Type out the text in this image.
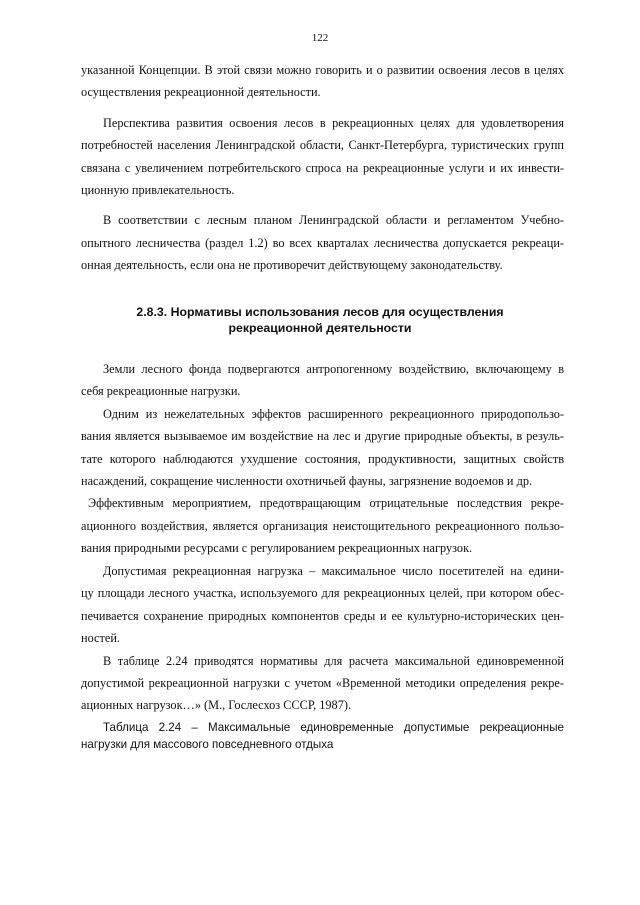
122
указанной Концепции. В этой связи можно говорить и о развитии освоения лесов в целях
осуществления рекреационной деятельности.
Перспектива развития освоения лесов в рекреационных целях для удовлетворения
потребностей населения Ленинградской области, Санкт-Петербурга, туристических групп
связана с увеличением потребительского спроса на рекреационные услуги и их инвести-
ционную привлекательность.
В соответствии с лесным планом Ленинградской области и регламентом Учебно-
опытного лесничества (раздел 1.2) во всех кварталах лесничества допускается рекреаци-
онная деятельность, если она не противоречит действующему законодательству.
2.8.3. Нормативы использования лесов для осуществления
рекреационной деятельности
Земли лесного фонда подвергаются антропогенному воздействию, включающему в
себя рекреационные нагрузки.
Одним из нежелательных эффектов расширенного рекреационного природопользо-
вания является вызываемое им воздействие на лес и другие природные объекты, в резуль-
тате которого наблюдаются ухудшение состояния, продуктивности, защитных свойств
насаждений, сокращение численности охотничьей фауны, загрязнение водоемов и др.
Эффективным мероприятием, предотвращающим отрицательные последствия рекре-
ационного воздействия, является организация неистощительного рекреационного пользо-
вания природными ресурсами с регулированием рекреационных нагрузок.
Допустимая рекреационная нагрузка – максимальное число посетителей на едини-
цу площади лесного участка, используемого для рекреационных целей, при котором обес-
печивается сохранение природных компонентов среды и ее культурно-исторических цен-
ностей.
В таблице 2.24 приводятся нормативы для расчета максимальной единовременной
допустимой рекреационной нагрузки с учетом «Временной методики определения рекре-
ационных нагрузок…» (М., Гослесхоз СССР, 1987).
Таблица 2.24 – Максимальные единовременные допустимые рекреационные
нагрузки для массового повседневного отдыха
